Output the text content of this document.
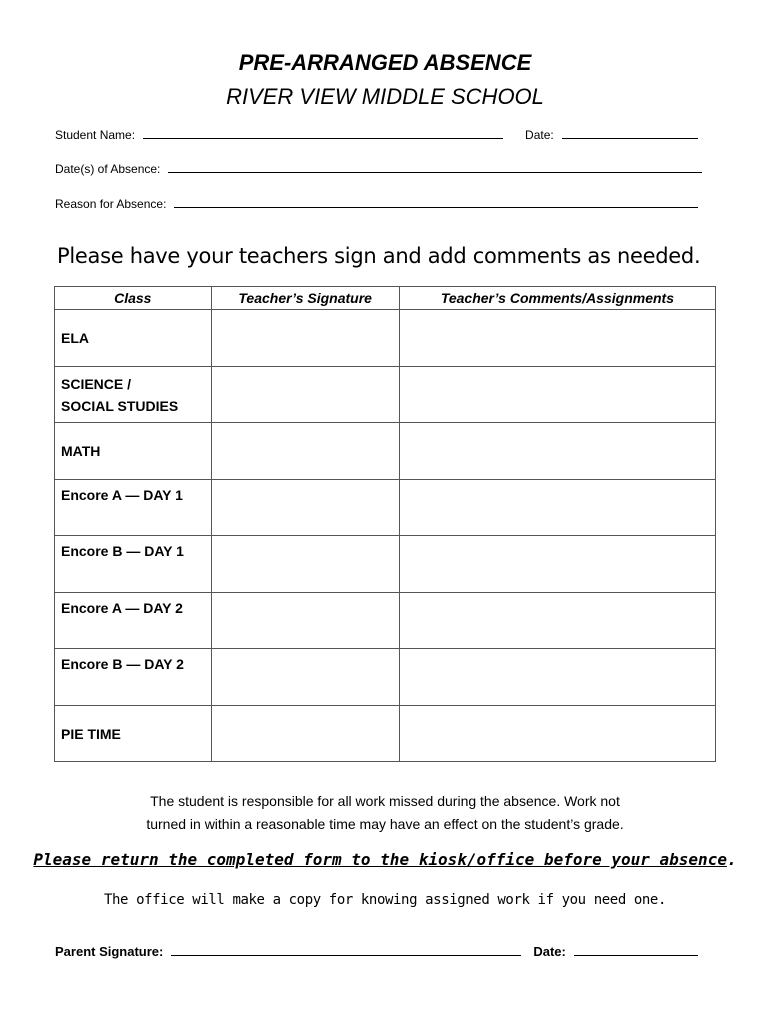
PRE-ARRANGED ABSENCE
RIVER VIEW MIDDLE SCHOOL
Student Name:	Date:
Date(s) of Absence:
Reason for Absence:
Please have your teachers sign and add comments as needed.
Class	Teacher’s Signature	Teacher’s Comments/Assignments

ELA		

SCIENCE /
SOCIAL STUDIES		

MATH		

Encore A — DAY 1		

Encore B — DAY 1		

Encore A — DAY 2		

Encore B — DAY 2		

PIE TIME		

The student is responsible for all work missed during the absence. Work not
turned in within a reasonable time may have an effect on the student’s grade.
Please return the completed form to the kiosk/office before your absence.
The office will make a copy for knowing assigned work if you need one.
Parent Signature:	Date:
